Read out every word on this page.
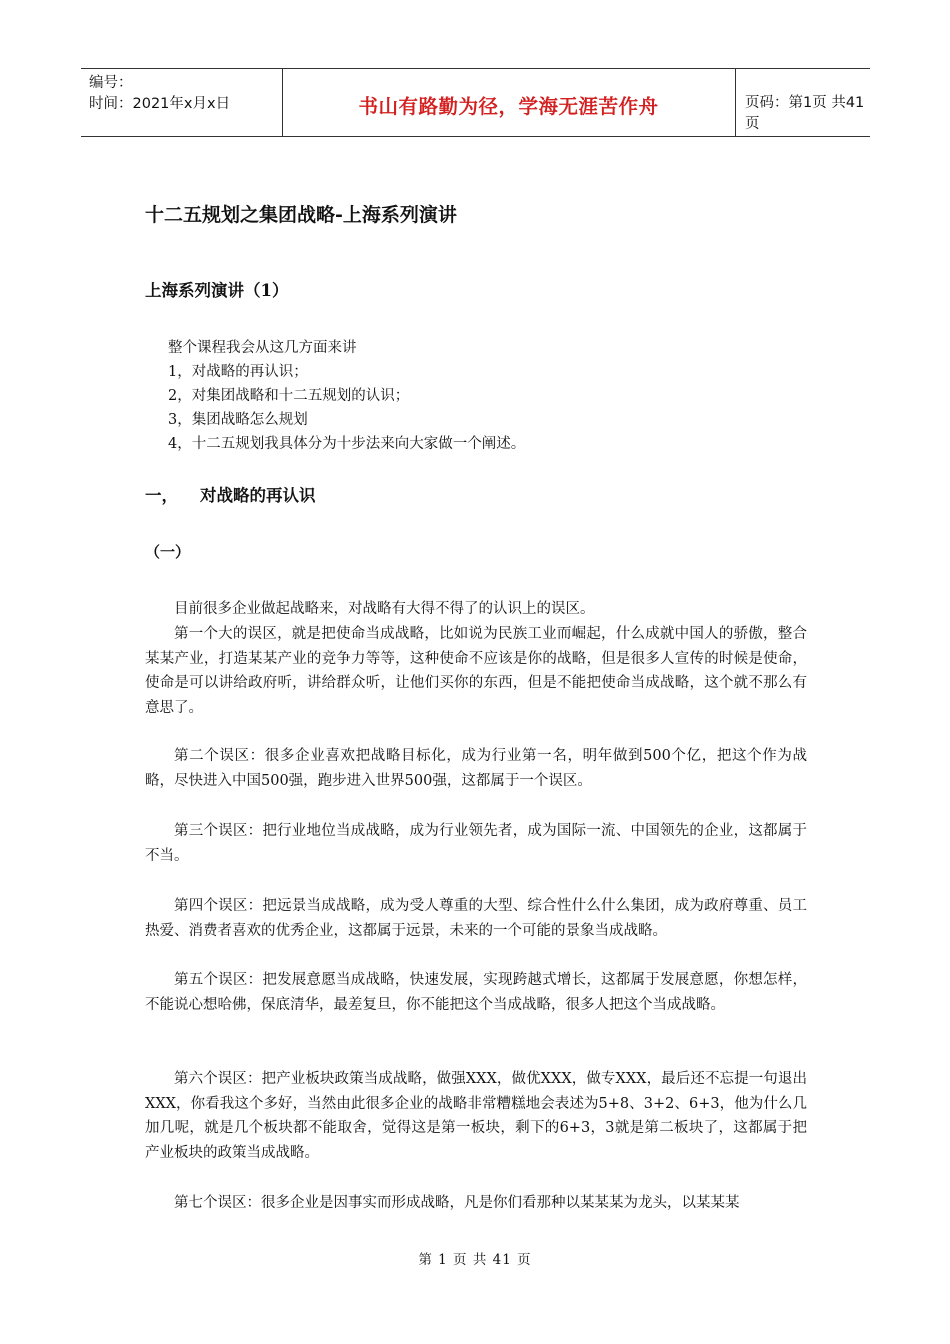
编号：
时间：2021年x月x日	书山有路勤为径，学海无涯苦作舟	页码：第1页 共41页
十二五规划之集团战略-上海系列演讲
上海系列演讲（1）
整个课程我会从这几方面来讲
1，对战略的再认识；
2，对集团战略和十二五规划的认识；
3，集团战略怎么规划
4，十二五规划我具体分为十步法来向大家做一个阐述。
一， 对战略的再认识
（一）
目前很多企业做起战略来，对战略有大得不得了的认识上的误区。
第一个大的误区，就是把使命当成战略，比如说为民族工业而崛起，什么成就中国人的骄傲，整合某某产业，打造某某产业的竞争力等等，这种使命不应该是你的战略，但是很多人宣传的时候是使命，使命是可以讲给政府听，讲给群众听，让他们买你的东西，但是不能把使命当成战略，这个就不那么有意思了。
第二个误区：很多企业喜欢把战略目标化，成为行业第一名，明年做到500个亿，把这个作为战略，尽快进入中国500强，跑步进入世界500强，这都属于一个误区。
第三个误区：把行业地位当成战略，成为行业领先者，成为国际一流、中国领先的企业，这都属于不当。
第四个误区：把远景当成战略，成为受人尊重的大型、综合性什么什么集团，成为政府尊重、员工热爱、消费者喜欢的优秀企业，这都属于远景，未来的一个可能的景象当成战略。
第五个误区：把发展意愿当成战略，快速发展，实现跨越式增长，这都属于发展意愿，你想怎样，不能说心想哈佛，保底清华，最差复旦，你不能把这个当成战略，很多人把这个当成战略。
第六个误区：把产业板块政策当成战略，做强XXX，做优XXX，做专XXX，最后还不忘提一句退出XXX，你看我这个多好，当然由此很多企业的战略非常糟糕地会表述为5+8、3+2、6+3，他为什么几加几呢，就是几个板块都不能取舍，觉得这是第一板块，剩下的6+3，3就是第二板块了，这都属于把产业板块的政策当成战略。
第七个误区：很多企业是因事实而形成战略，凡是你们看那种以某某某为龙头，以某某某
第 1 页 共 41 页
